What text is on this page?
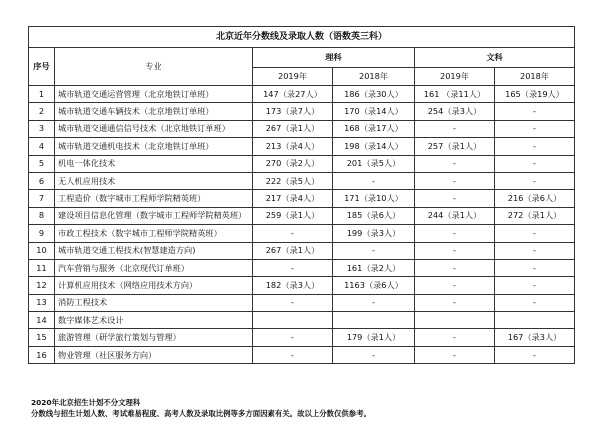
北京近年分数线及录取人数（语数英三科）					
序号	专业	理科		文科	
		2019年	2018年	2019年	2018年
1	城市轨道交通运营管理（北京地铁订单班）	147（录27人）	186（录30人）	161 （录11人）	165（录19人）
2	城市轨道交通车辆技术（北京地铁订单班）	173（录7人）	170（录14人）	254（录3人）	-
3	城市轨道交通通信信号技术（北京地铁订单班）	267（录1人）	168（录17人）	-	-
4	城市轨道交通机电技术（北京地铁订单班）	213（录4人）	198（录14人）	257（录1人）	-
5	机电一体化技术	270（录2人）	201（录5人）	-	-
6	无人机应用技术	222（录5人）	-	-	-
7	工程造价（数字城市工程师学院精英班）	217（录4人）	171（录10人）	-	216（录6人）
8	建设项目信息化管理（数字城市工程师学院精英班）	259（录1人）	185（录6人）	244（录1人）	272（录1人）
9	市政工程技术（数字城市工程师学院精英班）	-	199（录3人）	-	-
10	城市轨道交通工程技术(智慧建造方向)	267（录1人）	-	-	-
11	汽车营销与服务（北京现代订单班）	-	161（录2人）	-	-
12	计算机应用技术（网络应用技术方向）	182（录3人）	1163（录6人）	-	-
13	消防工程技术	-	-	-	-
14	数字媒体艺术设计				
15	旅游管理（研学旅行策划与管理）	-	179（录1人）	-	167（录3人）
16	物业管理（社区服务方向）	-	-	-	-
2020年北京招生计划不分文理科
分数线与招生计划人数、考试难易程度、高考人数及录取比例等多方面因素有关。故以上分数仅供参考。
